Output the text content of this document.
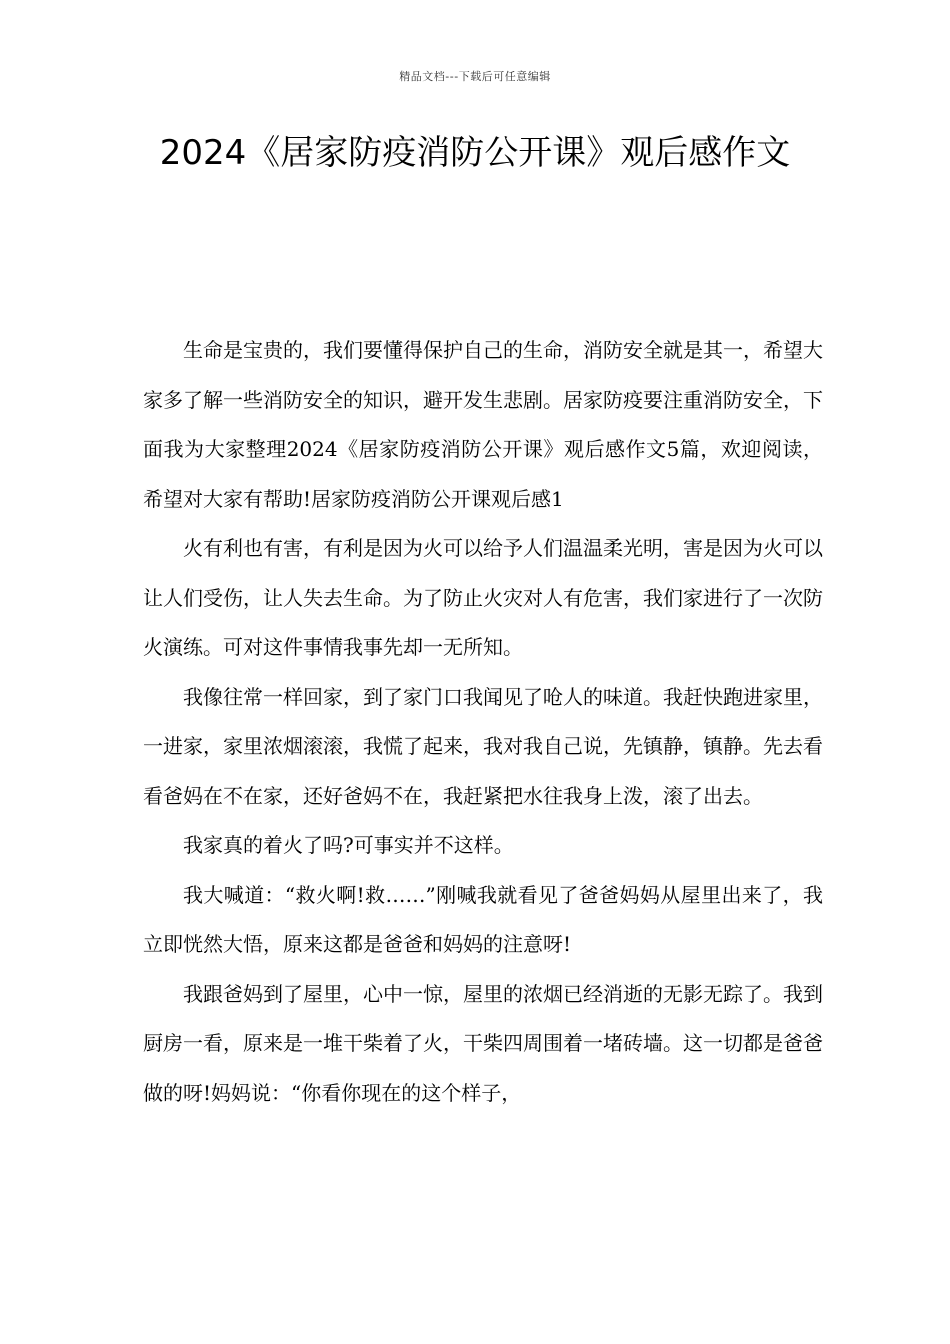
精品文档---下载后可任意编辑
2024《居家防疫消防公开课》观后感作文

生命是宝贵的，我们要懂得保护自己的生命，消防安全就是其一，希望大家多了解一些消防安全的知识，避开发生悲剧。居家防疫要注重消防安全，下面我为大家整理2024《居家防疫消防公开课》观后感作文5篇，欢迎阅读，希望对大家有帮助!居家防疫消防公开课观后感1

火有利也有害，有利是因为火可以给予人们温温柔光明，害是因为火可以让人们受伤，让人失去生命。为了防止火灾对人有危害，我们家进行了一次防火演练。可对这件事情我事先却一无所知。

我像往常一样回家，到了家门口我闻见了呛人的味道。我赶快跑进家里，一进家，家里浓烟滚滚，我慌了起来，我对我自己说，先镇静，镇静。先去看看爸妈在不在家，还好爸妈不在，我赶紧把水往我身上泼，滚了出去。

我家真的着火了吗?可事实并不这样。

我大喊道：“救火啊!救……”刚喊我就看见了爸爸妈妈从屋里出来了，我立即恍然大悟，原来这都是爸爸和妈妈的注意呀!

我跟爸妈到了屋里，心中一惊，屋里的浓烟已经消逝的无影无踪了。我到厨房一看，原来是一堆干柴着了火，干柴四周围着一堵砖墙。这一切都是爸爸做的呀!妈妈说：“你看你现在的这个样子，
